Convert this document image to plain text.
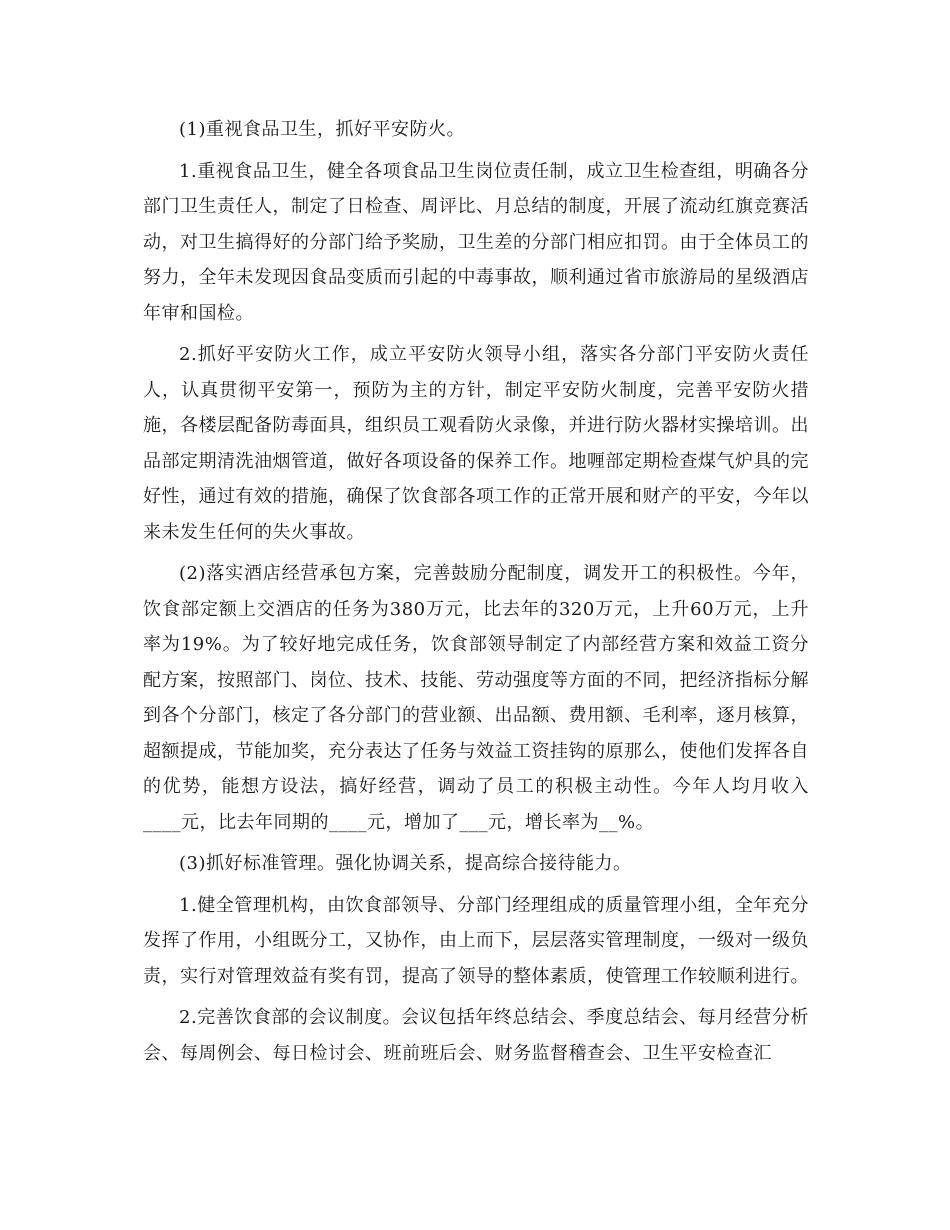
(1)重视食品卫生，抓好平安防火。

1.重视食品卫生，健全各项食品卫生岗位责任制，成立卫生检查组，明确各分部门卫生责任人，制定了日检查、周评比、月总结的制度，开展了流动红旗竞赛活动，对卫生搞得好的分部门给予奖励，卫生差的分部门相应扣罚。由于全体员工的努力，全年未发现因食品变质而引起的中毒事故，顺利通过省市旅游局的星级酒店年审和国检。

2.抓好平安防火工作，成立平安防火领导小组，落实各分部门平安防火责任人，认真贯彻平安第一，预防为主的方针，制定平安防火制度，完善平安防火措施，各楼层配备防毒面具，组织员工观看防火录像，并进行防火器材实操培训。出品部定期清洗油烟管道，做好各项设备的保养工作。地喱部定期检查煤气炉具的完好性，通过有效的措施，确保了饮食部各项工作的正常开展和财产的平安，今年以来未发生任何的失火事故。

(2)落实酒店经营承包方案，完善鼓励分配制度，调发开工的积极性。今年，饮食部定额上交酒店的任务为380万元，比去年的320万元，上升60万元，上升率为19%。为了较好地完成任务，饮食部领导制定了内部经营方案和效益工资分配方案，按照部门、岗位、技术、技能、劳动强度等方面的不同，把经济指标分解到各个分部门，核定了各分部门的营业额、出品额、费用额、毛利率，逐月核算，超额提成，节能加奖，充分表达了任务与效益工资挂钩的原那么，使他们发挥各自的优势，能想方设法，搞好经营，调动了员工的积极主动性。今年人均月收入____元，比去年同期的____元，增加了___元，增长率为__%。

(3)抓好标准管理。强化协调关系，提高综合接待能力。

1.健全管理机构，由饮食部领导、分部门经理组成的质量管理小组，全年充分发挥了作用，小组既分工，又协作，由上而下，层层落实管理制度，一级对一级负责，实行对管理效益有奖有罚，提高了领导的整体素质，使管理工作较顺利进行。

2.完善饮食部的会议制度。会议包括年终总结会、季度总结会、每月经营分析会、每周例会、每日检讨会、班前班后会、财务监督稽查会、卫生平安检查汇
